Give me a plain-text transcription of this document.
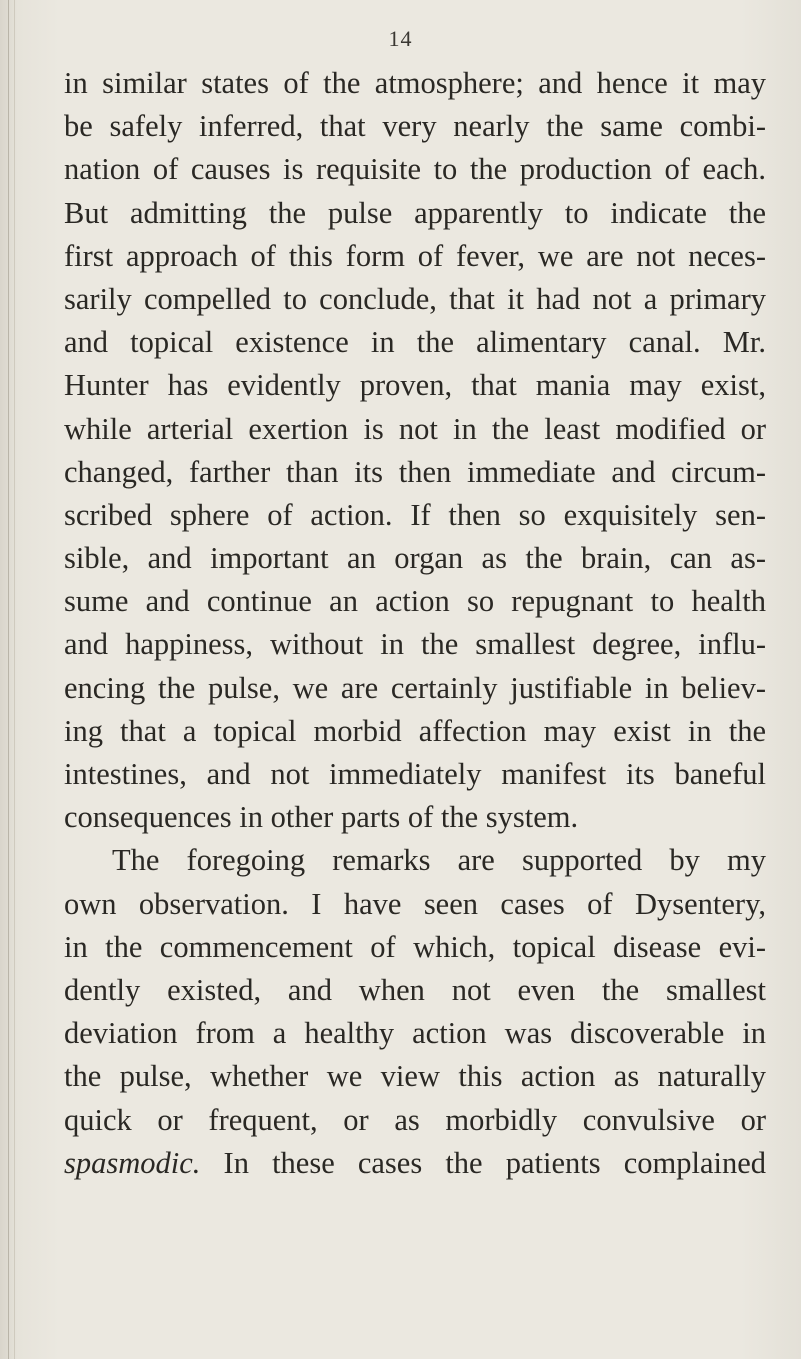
14
in similar states of the atmosphere; and hence it may
be safely inferred, that very nearly the same combi-
nation of causes is requisite to the production of each.
But admitting the pulse apparently to indicate the
first approach of this form of fever, we are not neces-
sarily compelled to conclude, that it had not a primary
and topical existence in the alimentary canal. Mr.
Hunter has evidently proven, that mania may exist,
while arterial exertion is not in the least modified or
changed, farther than its then immediate and circum-
scribed sphere of action. If then so exquisitely sen-
sible, and important an organ as the brain, can as-
sume and continue an action so repugnant to health
and happiness, without in the smallest degree, influ-
encing the pulse, we are certainly justifiable in believ-
ing that a topical morbid affection may exist in the
intestines, and not immediately manifest its baneful
consequences in other parts of the system.
The foregoing remarks are supported by my
own observation. I have seen cases of Dysentery,
in the commencement of which, topical disease evi-
dently existed, and when not even the smallest
deviation from a healthy action was discoverable in
the pulse, whether we view this action as naturally
quick or frequent, or as morbidly convulsive or
spasmodic. In these cases the patients complained
